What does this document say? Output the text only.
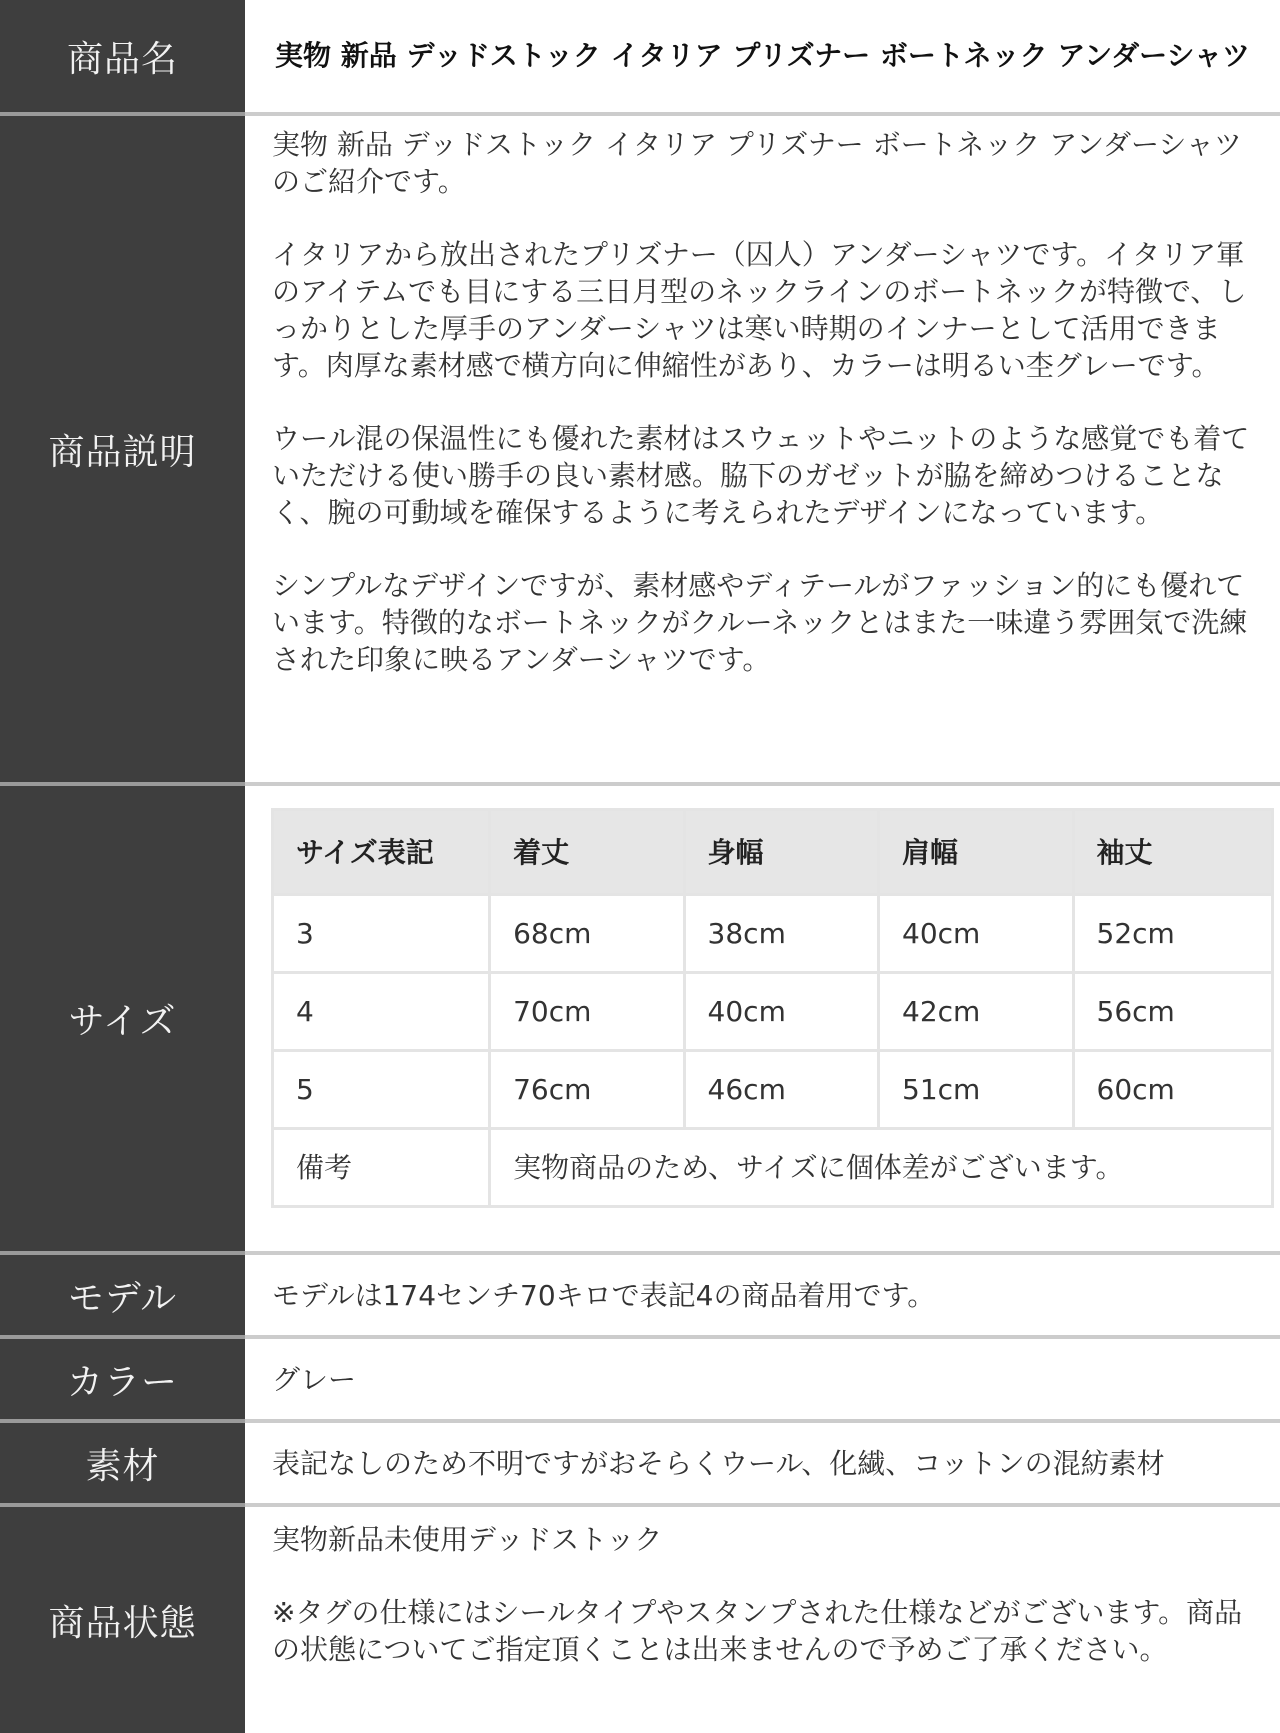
商品名	実物 新品 デッドストック イタリア プリズナー ボートネック アンダーシャツ
商品説明

実物 新品 デッドストック イタリア プリズナー ボートネック アンダーシャツのご紹介です。

イタリアから放出されたプリズナー（囚人）アンダーシャツです。イタリア軍のアイテムでも目にする三日月型のネックラインのボートネックが特徴で、しっかりとした厚手のアンダーシャツは寒い時期のインナーとして活用できます。肉厚な素材感で横方向に伸縮性があり、カラーは明るい杢グレーです。

ウール混の保温性にも優れた素材はスウェットやニットのような感覚でも着ていただける使い勝手の良い素材感。脇下のガゼットが脇を締めつけることなく、腕の可動域を確保するように考えられたデザインになっています。

シンプルなデザインですが、素材感やディテールがファッション的にも優れています。特徴的なボートネックがクルーネックとはまた一味違う雰囲気で洗練された印象に映るアンダーシャツです。

サイズ
サイズ表記	着丈	身幅	肩幅	袖丈
3	68cm	38cm	40cm	52cm
4	70cm	40cm	42cm	56cm
5	76cm	46cm	51cm	60cm
備考	実物商品のため、サイズに個体差がございます。			
モデル	モデルは174センチ70キロで表記4の商品着用です。
カラー	グレー
素材	表記なしのため不明ですがおそらくウール、化繊、コットンの混紡素材
商品状態

実物新品未使用デッドストック

※タグの仕様にはシールタイプやスタンプされた仕様などがございます。商品の状態についてご指定頂くことは出来ませんので予めご了承ください。
